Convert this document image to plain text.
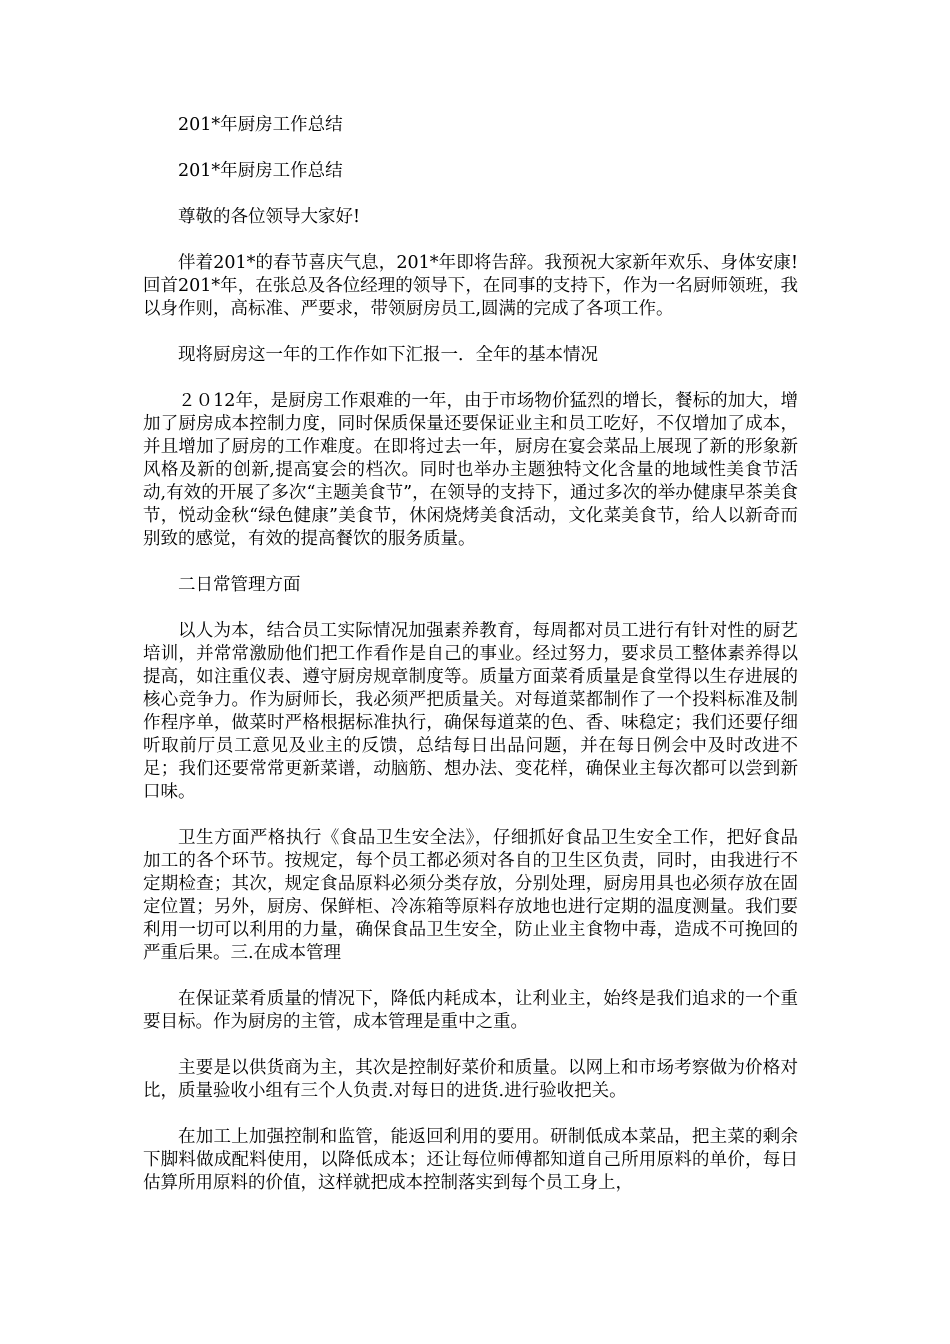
201*年厨房工作总结

201*年厨房工作总结

尊敬的各位领导大家好!

伴着201*的春节喜庆气息，201*年即将告辞。我预祝大家新年欢乐、身体安康!回首201*年，在张总及各位经理的领导下，在同事的支持下，作为一名厨师领班，我以身作则，高标准、严要求，带领厨房员工,圆满的完成了各项工作。

现将厨房这一年的工作作如下汇报一．全年的基本情况

２０12年，是厨房工作艰难的一年，由于市场物价猛烈的增长，餐标的加大，增加了厨房成本控制力度，同时保质保量还要保证业主和员工吃好，不仅增加了成本，并且增加了厨房的工作难度。在即将过去一年，厨房在宴会菜品上展现了新的形象新风格及新的创新,提高宴会的档次。同时也举办主题独特文化含量的地域性美食节活动,有效的开展了多次“主题美食节”，在领导的支持下，通过多次的举办健康早茶美食节，悦动金秋“绿色健康”美食节，休闲烧烤美食活动，文化菜美食节，给人以新奇而别致的感觉，有效的提高餐饮的服务质量。

二日常管理方面

以人为本，结合员工实际情况加强素养教育，每周都对员工进行有针对性的厨艺培训，并常常激励他们把工作看作是自己的事业。经过努力，要求员工整体素养得以提高，如注重仪表、遵守厨房规章制度等。质量方面菜肴质量是食堂得以生存进展的核心竞争力。作为厨师长，我必须严把质量关。对每道菜都制作了一个投料标准及制作程序单，做菜时严格根据标准执行，确保每道菜的色、香、味稳定；我们还要仔细听取前厅员工意见及业主的反馈，总结每日出品问题，并在每日例会中及时改进不足；我们还要常常更新菜谱，动脑筋、想办法、变花样，确保业主每次都可以尝到新口味。

卫生方面严格执行《食品卫生安全法》，仔细抓好食品卫生安全工作，把好食品加工的各个环节。按规定，每个员工都必须对各自的卫生区负责，同时，由我进行不定期检查；其次，规定食品原料必须分类存放，分别处理，厨房用具也必须存放在固定位置；另外，厨房、保鲜柜、冷冻箱等原料存放地也进行定期的温度测量。我们要利用一切可以利用的力量，确保食品卫生安全，防止业主食物中毒，造成不可挽回的严重后果。三.在成本管理

在保证菜肴质量的情况下，降低内耗成本，让利业主，始终是我们追求的一个重要目标。作为厨房的主管，成本管理是重中之重。

主要是以供货商为主，其次是控制好菜价和质量。以网上和市场考察做为价格对比，质量验收小组有三个人负责.对每日的进货.进行验收把关。

在加工上加强控制和监管，能返回利用的要用。研制低成本菜品，把主菜的剩余下脚料做成配料使用，以降低成本；还让每位师傅都知道自己所用原料的单价，每日估算所用原料的价值，这样就把成本控制落实到每个员工身上，
